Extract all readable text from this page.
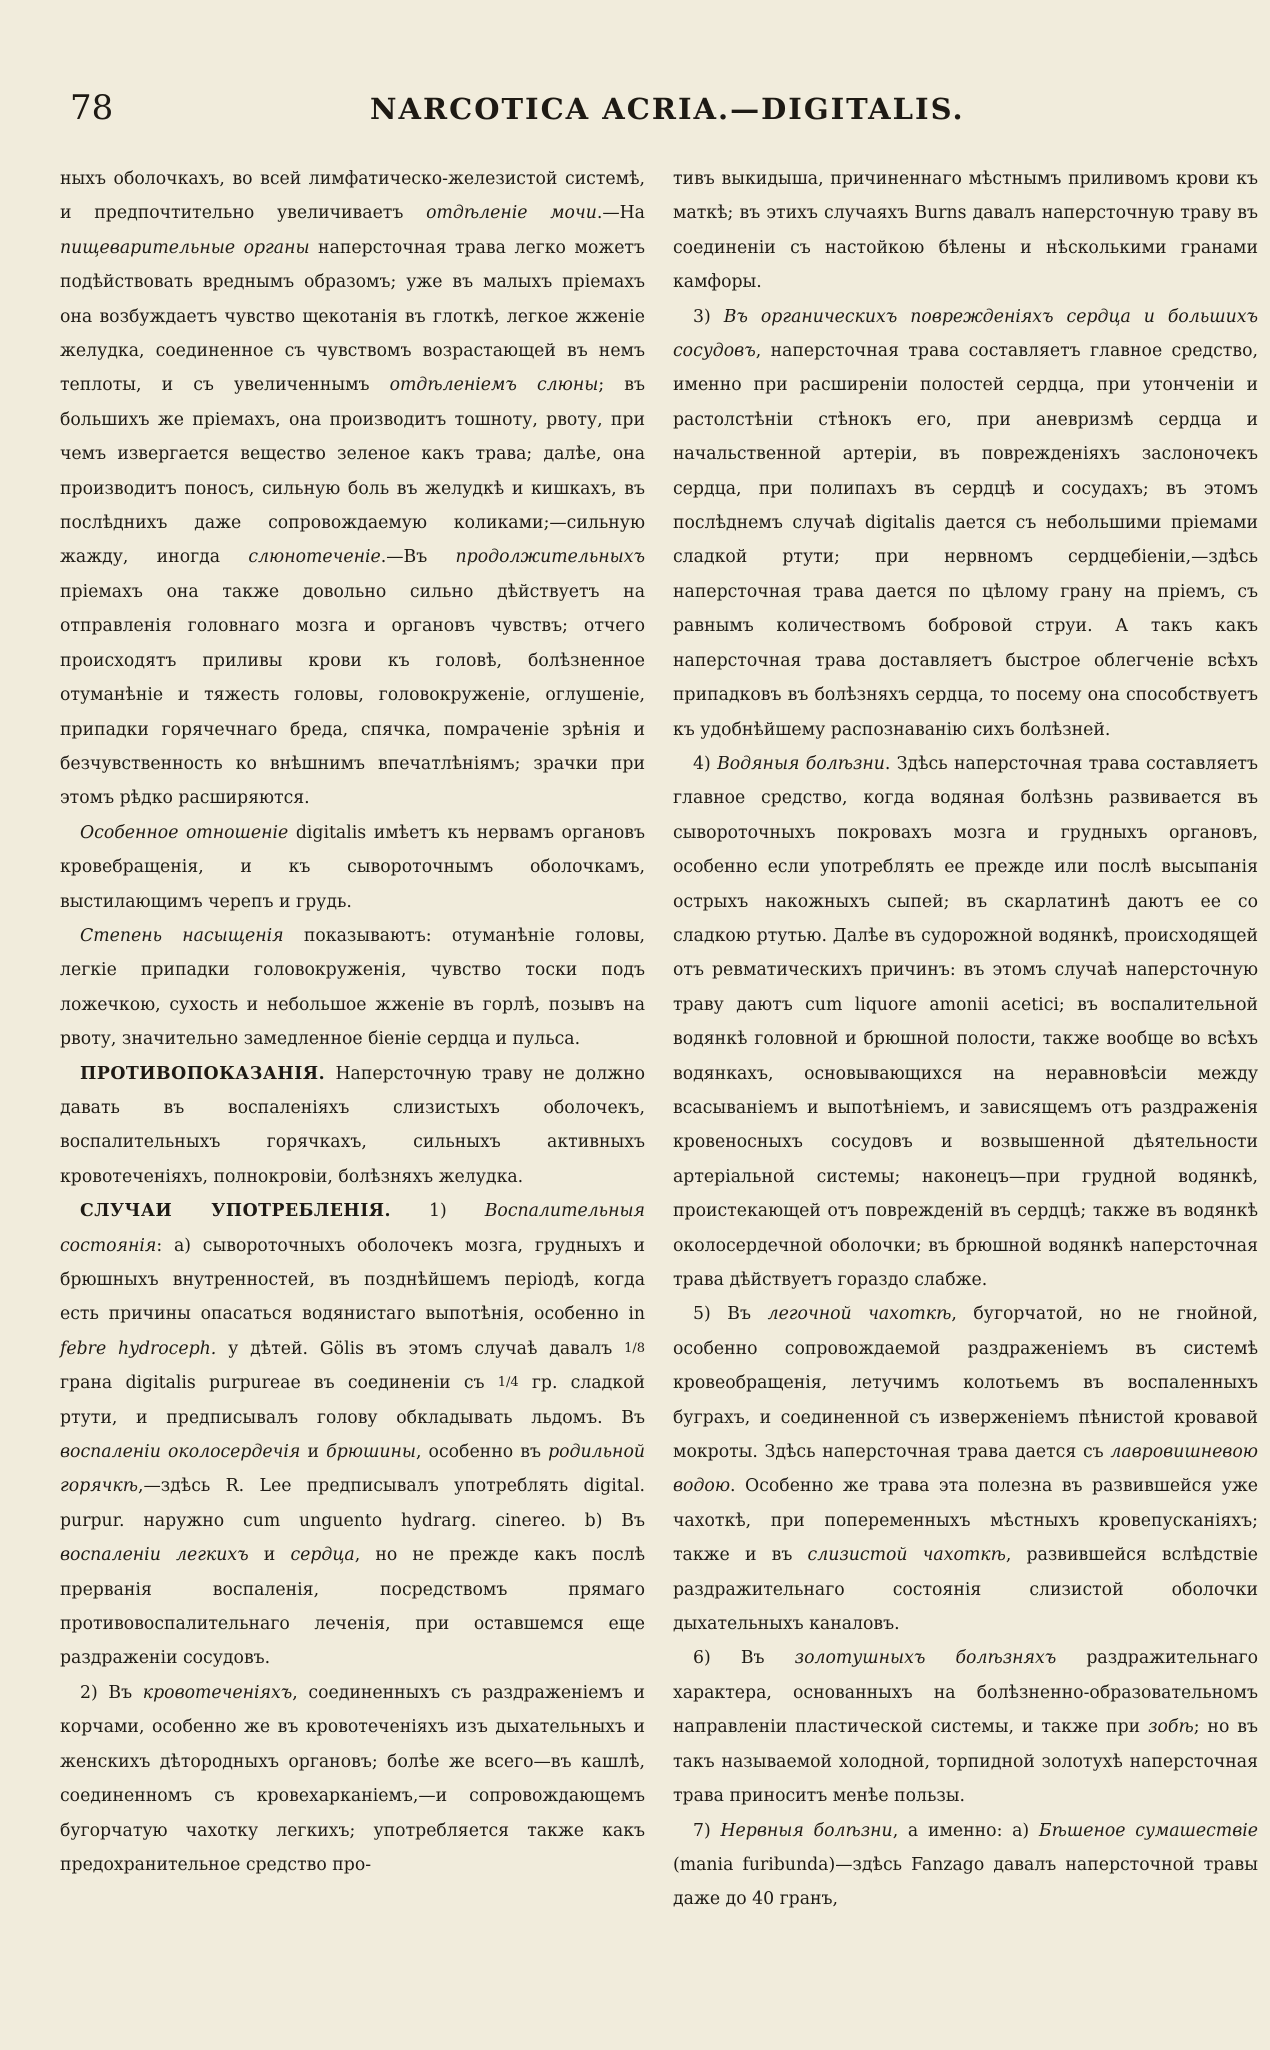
78	NARCOTICA ACRIA.—DIGITALIS.

ныхъ оболочкахъ, во всей лимфатическо-железистой системѣ, и предпочтительно увеличиваетъ отдѣленіе мочи.—На пищеварительные органы наперсточная трава легко можетъ подѣйствовать вреднымъ образомъ; уже въ малыхъ пріемахъ она возбуждаетъ чувство щекотанія въ глоткѣ, легкое жженіе желудка, соединенное съ чувствомъ возрастающей въ немъ теплоты, и съ увеличеннымъ отдѣленіемъ слюны; въ большихъ же пріемахъ, она производитъ тошноту, рвоту, при чемъ извергается вещество зеленое какъ трава; далѣе, она производитъ поносъ, сильную боль въ желудкѣ и кишкахъ, въ послѣднихъ даже сопровождаемую коликами;—сильную жажду, иногда слюнотеченіе.—Въ продолжительныхъ пріемахъ она также довольно сильно дѣйствуетъ на отправленія головнаго мозга и органовъ чувствъ; отчего происходятъ приливы крови къ головѣ, болѣзненное отуманѣніе и тяжесть головы, головокруженіе, оглушеніе, припадки горячечнаго бреда, спячка, помраченіе зрѣнія и безчувственность ко внѣшнимъ впечатлѣніямъ; зрачки при этомъ рѣдко расширяются.

Особенное отношеніе digitalis имѣетъ къ нервамъ органовъ кровебращенія, и къ сывороточнымъ оболочкамъ, выстилающимъ черепъ и грудь.

Степень насыщенія показываютъ: отуманѣніе головы, легкіе припадки головокруженія, чувство тоски подъ ложечкою, сухость и небольшое жженіе въ горлѣ, позывъ на рвоту, значительно замедленное біеніе сердца и пульса.

ПРОТИВОПОКАЗАНІЯ. Наперсточную траву не должно давать въ воспаленіяхъ слизистыхъ оболочекъ, воспалительныхъ горячкахъ, сильныхъ активныхъ кровотеченіяхъ, полнокровіи, болѣзняхъ желудка.

СЛУЧАИ УПОТРЕБЛЕНІЯ. 1) Воспалительныя состоянія: а) сывороточныхъ оболочекъ мозга, грудныхъ и брюшныхъ внутренностей, въ позднѣйшемъ періодѣ, когда есть причины опасаться водянистаго выпотѣнія, особенно in febre hydroceph. у дѣтей. Gölis въ этомъ случаѣ давалъ 1/8 грана digitalis purpureae въ соединеніи съ 1/4 гр. сладкой ртути, и предписывалъ голову обкладывать льдомъ. Въ воспаленіи околосердечія и брюшины, особенно въ родильной горячкѣ,—здѣсь R. Lee предписывалъ употреблять digital. purpur. наружно cum unguento hydrarg. cinereo. b) Въ воспаленіи легкихъ и сердца, но не прежде какъ послѣ прерванія воспаленія, посредствомъ прямаго противовоспалительнаго леченія, при оставшемся еще раздраженіи сосудовъ.

2) Въ кровотеченіяхъ, соединенныхъ съ раздраженіемъ и корчами, особенно же въ кровотеченіяхъ изъ дыхательныхъ и женскихъ дѣтородныхъ органовъ; болѣе же всего—въ кашлѣ, соединенномъ съ кровехарканіемъ,—и сопровождающемъ бугорчатую чахотку легкихъ; употребляется также какъ предохранительное средство про-

тивъ выкидыша, причиненнаго мѣстнымъ приливомъ крови къ маткѣ; въ этихъ случаяхъ Burns давалъ наперсточную траву въ соединеніи съ настойкою бѣлены и нѣсколькими гранами камфоры.

3) Въ органическихъ поврежденіяхъ сердца и большихъ сосудовъ, наперсточная трава составляетъ главное средство, именно при расширеніи полостей сердца, при утонченіи и растолстѣніи стѣнокъ его, при аневризмѣ сердца и начальственной артеріи, въ поврежденіяхъ заслоночекъ сердца, при полипахъ въ сердцѣ и сосудахъ; въ этомъ послѣднемъ случаѣ digitalis дается съ небольшими пріемами сладкой ртути; при нервномъ сердцебіеніи,—здѣсь наперсточная трава дается по цѣлому грану на пріемъ, съ равнымъ количествомъ бобровой струи. А такъ какъ наперсточная трава доставляетъ быстрое облегченіе всѣхъ припадковъ въ болѣзняхъ сердца, то посему она способствуетъ къ удобнѣйшему распознаванію сихъ болѣзней.

4) Водяныя болѣзни. Здѣсь наперсточная трава составляетъ главное средство, когда водяная болѣзнь развивается въ сывороточныхъ покровахъ мозга и грудныхъ органовъ, особенно если употреблять ее прежде или послѣ высыпанія острыхъ накожныхъ сыпей; въ скарлатинѣ даютъ ее со сладкою ртутью. Далѣе въ судорожной водянкѣ, происходящей отъ ревматическихъ причинъ: въ этомъ случаѣ наперсточную траву даютъ cum liquore amonii acetici; въ воспалительной водянкѣ головной и брюшной полости, также вообще во всѣхъ водянкахъ, основывающихся на неравновѣсіи между всасываніемъ и выпотѣніемъ, и зависящемъ отъ раздраженія кровеносныхъ сосудовъ и возвышенной дѣятельности артеріальной системы; наконецъ—при грудной водянкѣ, проистекающей отъ поврежденій въ сердцѣ; также въ водянкѣ околосердечной оболочки; въ брюшной водянкѣ наперсточная трава дѣйствуетъ гораздо слабже.

5) Въ легочной чахоткѣ, бугорчатой, но не гнойной, особенно сопровождаемой раздраженіемъ въ системѣ кровеобращенія, летучимъ колотьемъ въ воспаленныхъ буграхъ, и соединенной съ изверженіемъ пѣнистой кровавой мокроты. Здѣсь наперсточная трава дается съ лавровишневою водою. Особенно же трава эта полезна въ развившейся уже чахоткѣ, при попеременныхъ мѣстныхъ кровепусканіяхъ; также и въ слизистой чахоткѣ, развившейся вслѣдствіе раздражительнаго состоянія слизистой оболочки дыхательныхъ каналовъ.

6) Въ золотушныхъ болѣзняхъ раздражительнаго характера, основанныхъ на болѣзненно-образовательномъ направленіи пластической системы, и также при зобѣ; но въ такъ называемой холодной, торпидной золотухѣ наперсточная трава приноситъ менѣе пользы.

7) Нервныя болѣзни, а именно: а) Бѣшеное сумашествіе (mania furibunda)—здѣсь Fanzago давалъ наперсточной травы даже до 40 гранъ,
